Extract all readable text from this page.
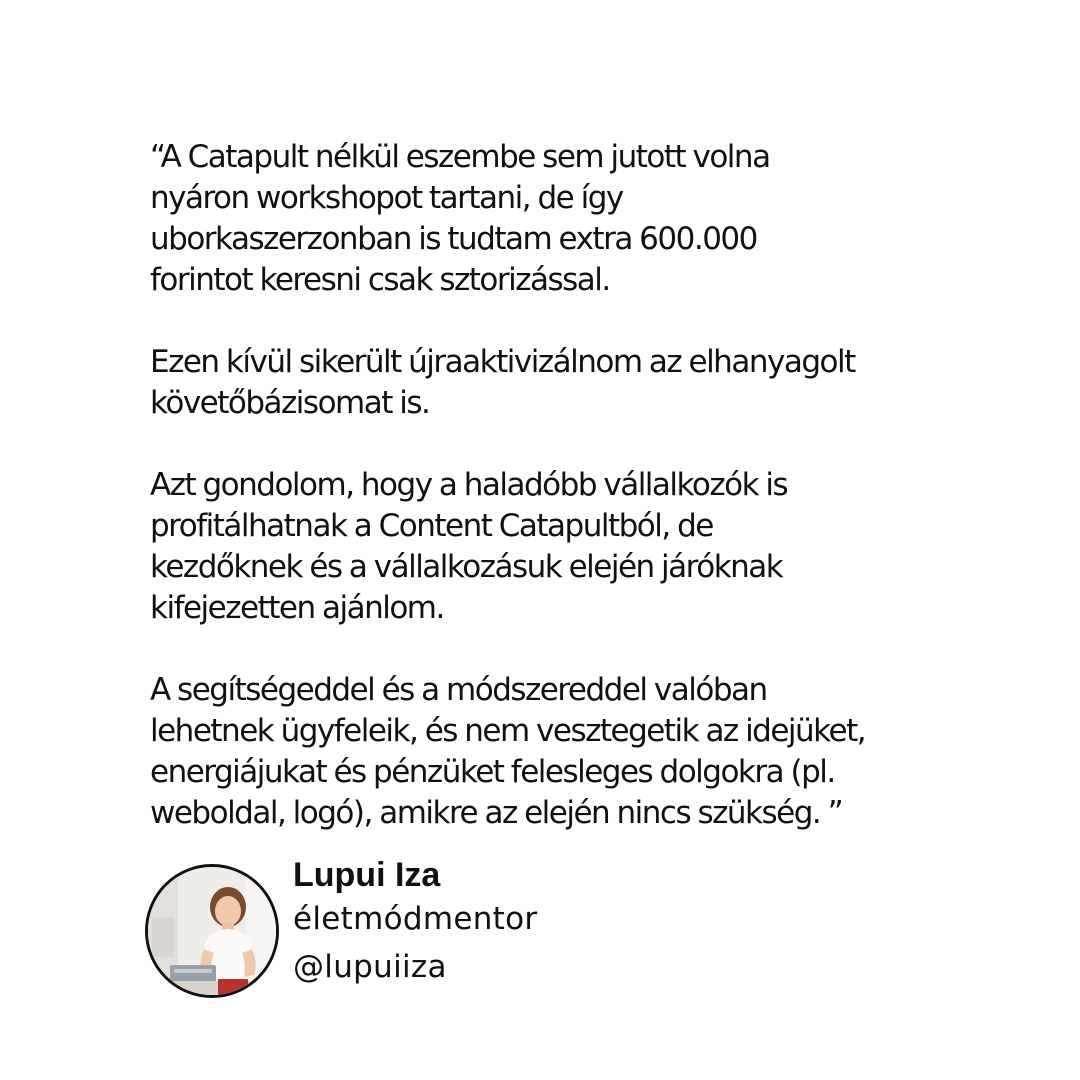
“A Catapult nélkül eszembe sem jutott volna
nyáron workshopot tartani, de így
uborkaszerzonban is tudtam extra 600.000
forintot keresni csak sztorizással.

Ezen kívül sikerült újraaktivizálnom az elhanyagolt
követőbázisomat is.

Azt gondolom, hogy a haladóbb vállalkozók is
profitálhatnak a Content Catapultból, de
kezdőknek és a vállalkozásuk elején járóknak
kifejezetten ajánlom.

A segítségeddel és a módszereddel valóban
lehetnek ügyfeleik, és nem vesztegetik az idejüket,
energiájukat és pénzüket felesleges dolgokra (pl.
weboldal, logó), amikre az elején nincs szükség. ”

Lupui Iza
életmódmentor
@lupuiiza
